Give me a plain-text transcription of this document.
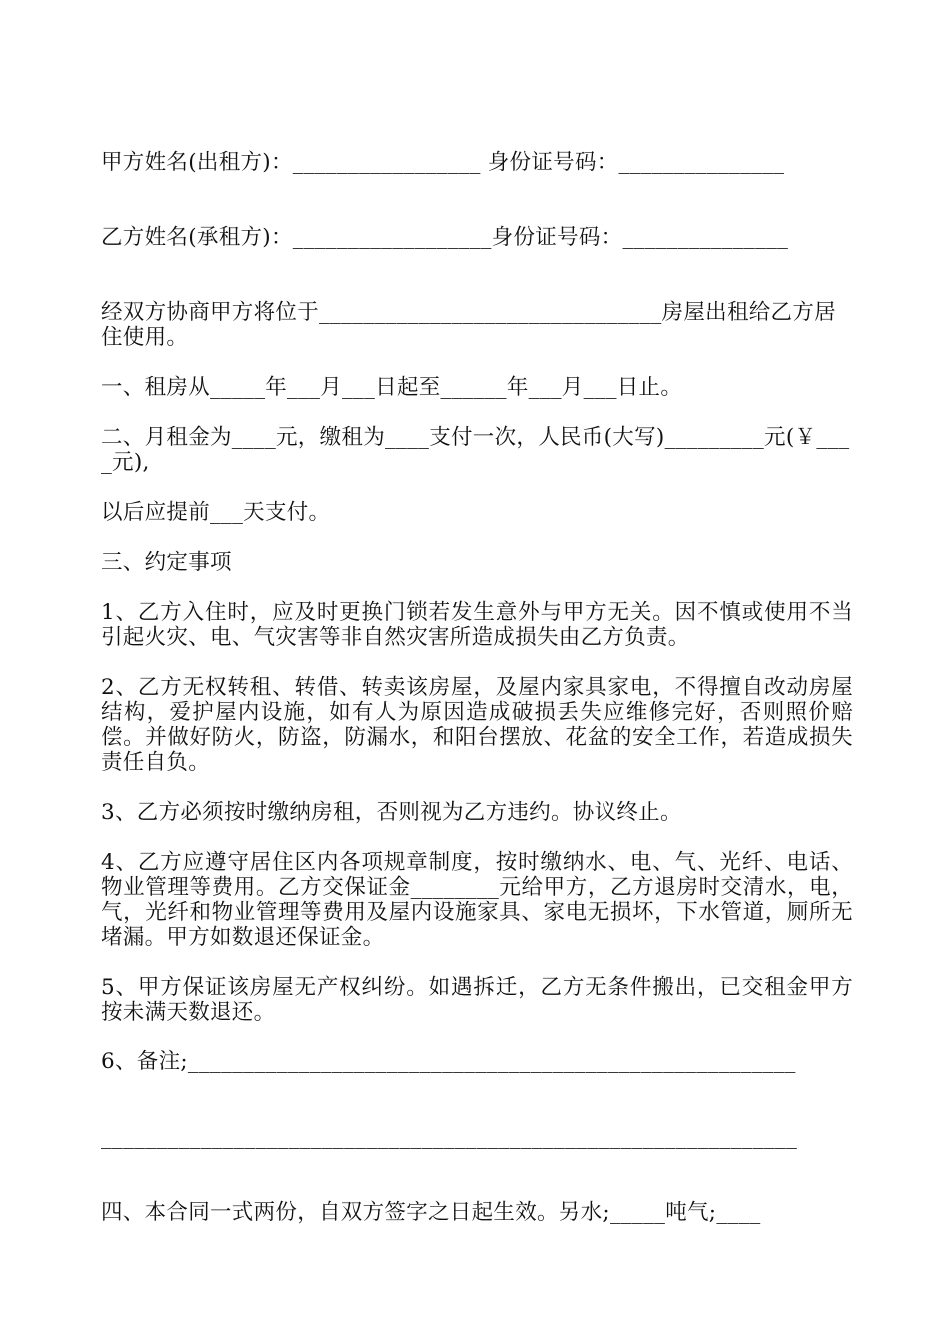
甲方姓名(出租方)：_________________ 身份证号码：_______________

乙方姓名(承租方)：__________________身份证号码：_______________

经双方协商甲方将位于_______________________________房屋出租给乙方居住使用。

一、租房从_____年___月___日起至______年___月___日止。

二、月租金为____元，缴租为____支付一次，人民币(大写)_________元(￥____元),

以后应提前___天支付。

三、约定事项

1、乙方入住时，应及时更换门锁若发生意外与甲方无关。因不慎或使用不当引起火灾、电、气灾害等非自然灾害所造成损失由乙方负责。

2、乙方无权转租、转借、转卖该房屋，及屋内家具家电，不得擅自改动房屋结构，爱护屋内设施，如有人为原因造成破损丢失应维修完好，否则照价赔偿。并做好防火，防盗，防漏水，和阳台摆放、花盆的安全工作，若造成损失责任自负。

3、乙方必须按时缴纳房租，否则视为乙方违约。协议终止。

4、乙方应遵守居住区内各项规章制度，按时缴纳水、电、气、光纤、电话、物业管理等费用。乙方交保证金________元给甲方，乙方退房时交清水，电，气，光纤和物业管理等费用及屋内设施家具、家电无损坏，下水管道，厕所无堵漏。甲方如数退还保证金。

5、甲方保证该房屋无产权纠纷。如遇拆迁，乙方无条件搬出，已交租金甲方按未满天数退还。

6、备注;_______________________________________________________

_______________________________________________________________

四、本合同一式两份，自双方签字之日起生效。另水;_____吨气;____
